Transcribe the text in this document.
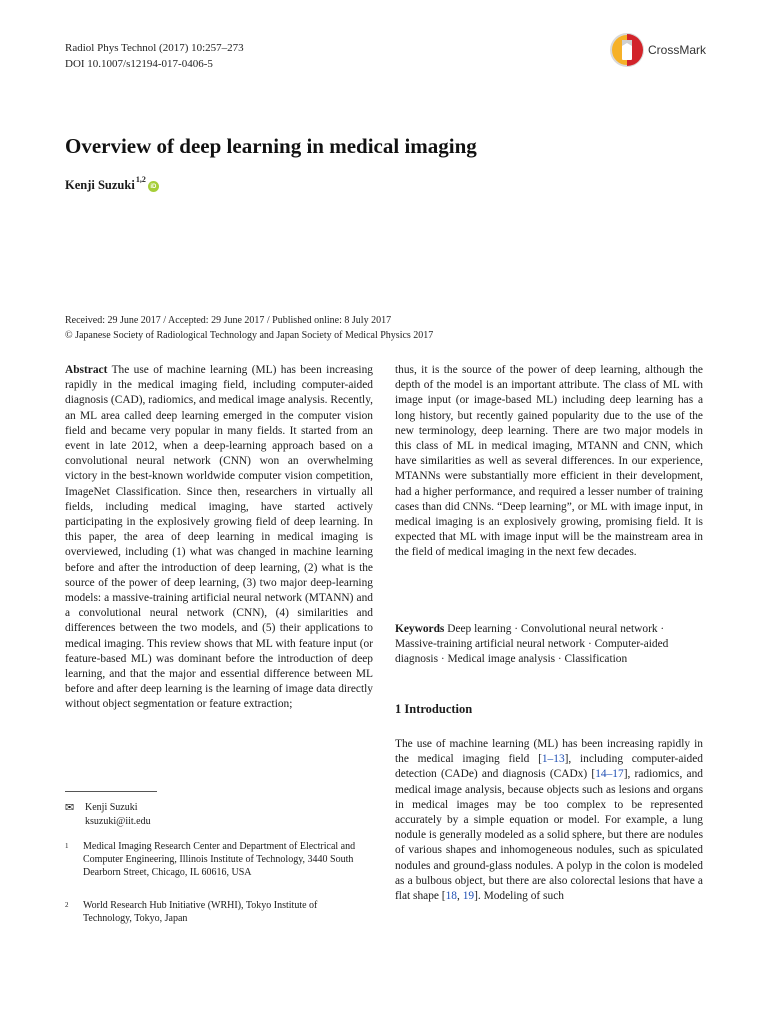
Radiol Phys Technol (2017) 10:257–273
DOI 10.1007/s12194-017-0406-5
CrossMark
Overview of deep learning in medical imaging
Kenji Suzuki 1,2
iD
Received: 29 June 2017 / Accepted: 29 June 2017 / Published online: 8 July 2017
© Japanese Society of Radiological Technology and Japan Society of Medical Physics 2017

Abstract The use of machine learning (ML) has been increasing rapidly in the medical imaging field, including computer-aided diagnosis (CAD), radiomics, and medical image analysis. Recently, an ML area called deep learning emerged in the computer vision field and became very popular in many fields. It started from an event in late 2012, when a deep-learning approach based on a convolutional neural network (CNN) won an overwhelming victory in the best-known worldwide computer vision competition, ImageNet Classification. Since then, researchers in virtually all fields, including medical imaging, have started actively participating in the explosively growing field of deep learning. In this paper, the area of deep learning in medical imaging is overviewed, including (1) what was changed in machine learning before and after the introduction of deep learning, (2) what is the source of the power of deep learning, (3) two major deep-learning models: a massive-training artificial neural network (MTANN) and a convolutional neural network (CNN), (4) similarities and differences between the two models, and (5) their applications to medical imaging. This review shows that ML with feature input (or feature-based ML) was dominant before the introduction of deep learning, and that the major and essential difference between ML before and after deep learning is the learning of image data directly without object segmentation or feature extraction;

thus, it is the source of the power of deep learning, although the depth of the model is an important attribute. The class of ML with image input (or image-based ML) including deep learning has a long history, but recently gained popularity due to the use of the new terminology, deep learning. There are two major models in this class of ML in medical imaging, MTANN and CNN, which have similarities as well as several differences. In our experience, MTANNs were substantially more efficient in their development, had a higher performance, and required a lesser number of training cases than did CNNs. “Deep learning”, or ML with image input, in medical imaging is an explosively growing, promising field. It is expected that ML with image input will be the mainstream area in the field of medical imaging in the next few decades.

Keywords Deep learning · Convolutional neural network · Massive-training artificial neural network · Computer-aided diagnosis · Medical image analysis · Classification
1 Introduction
The use of machine learning (ML) has been increasing rapidly in the medical imaging field [1–13], including computer-aided detection (CADe) and diagnosis (CADx) [14–17], radiomics, and medical image analysis, because objects such as lesions and organs in medical images may be too complex to be represented accurately by a simple equation or model. For example, a lung nodule is generally modeled as a solid sphere, but there are nodules of various shapes and inhomogeneous nodules, such as spiculated nodules and ground-glass nodules. A polyp in the colon is modeled as a bulbous object, but there are also colorectal lesions that have a flat shape [18, 19]. Modeling of such
✉	Kenji Suzuki
ksuzuki@iit.edu
1	Medical Imaging Research Center and Department of Electrical and Computer Engineering, Illinois Institute of Technology, 3440 South Dearborn Street, Chicago, IL 60616, USA
2	World Research Hub Initiative (WRHI), Tokyo Institute of Technology, Tokyo, Japan
